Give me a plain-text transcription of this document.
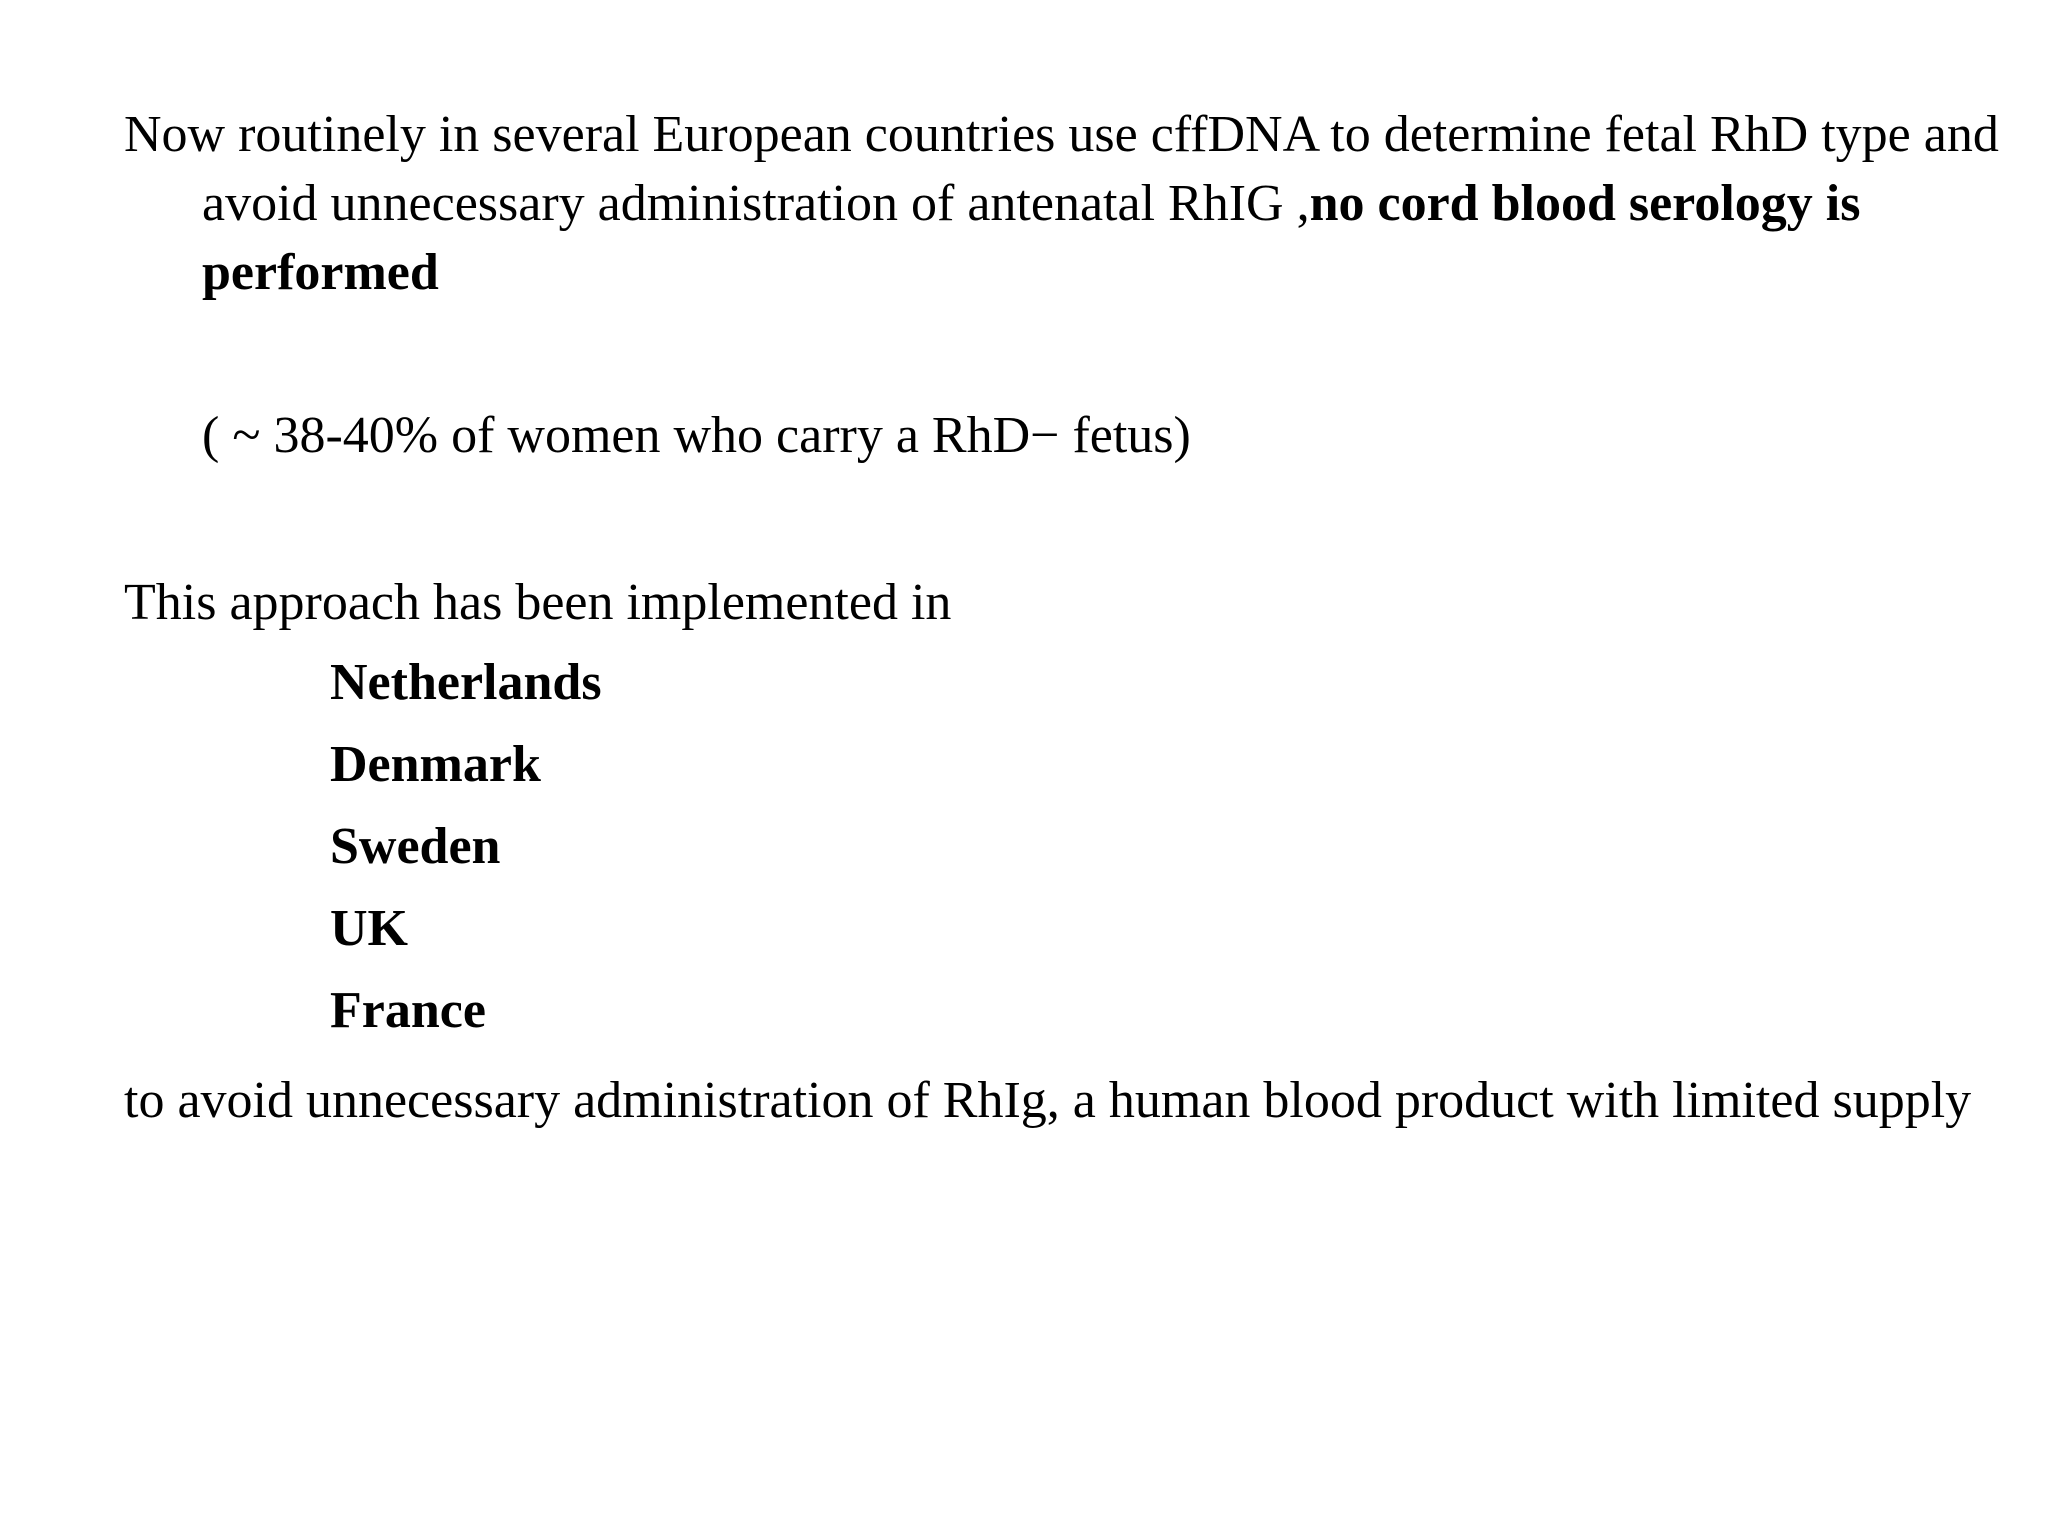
Now routinely in several European countries use cffDNA to determine fetal RhD type and avoid unnecessary administration of antenatal RhIG ,no cord blood serology is performed

( ~ 38-40% of women who carry a RhD− fetus)

This approach has been implemented in

Netherlands
Denmark
Sweden
UK
France

to avoid unnecessary administration of RhIg, a human blood product with limited supply
